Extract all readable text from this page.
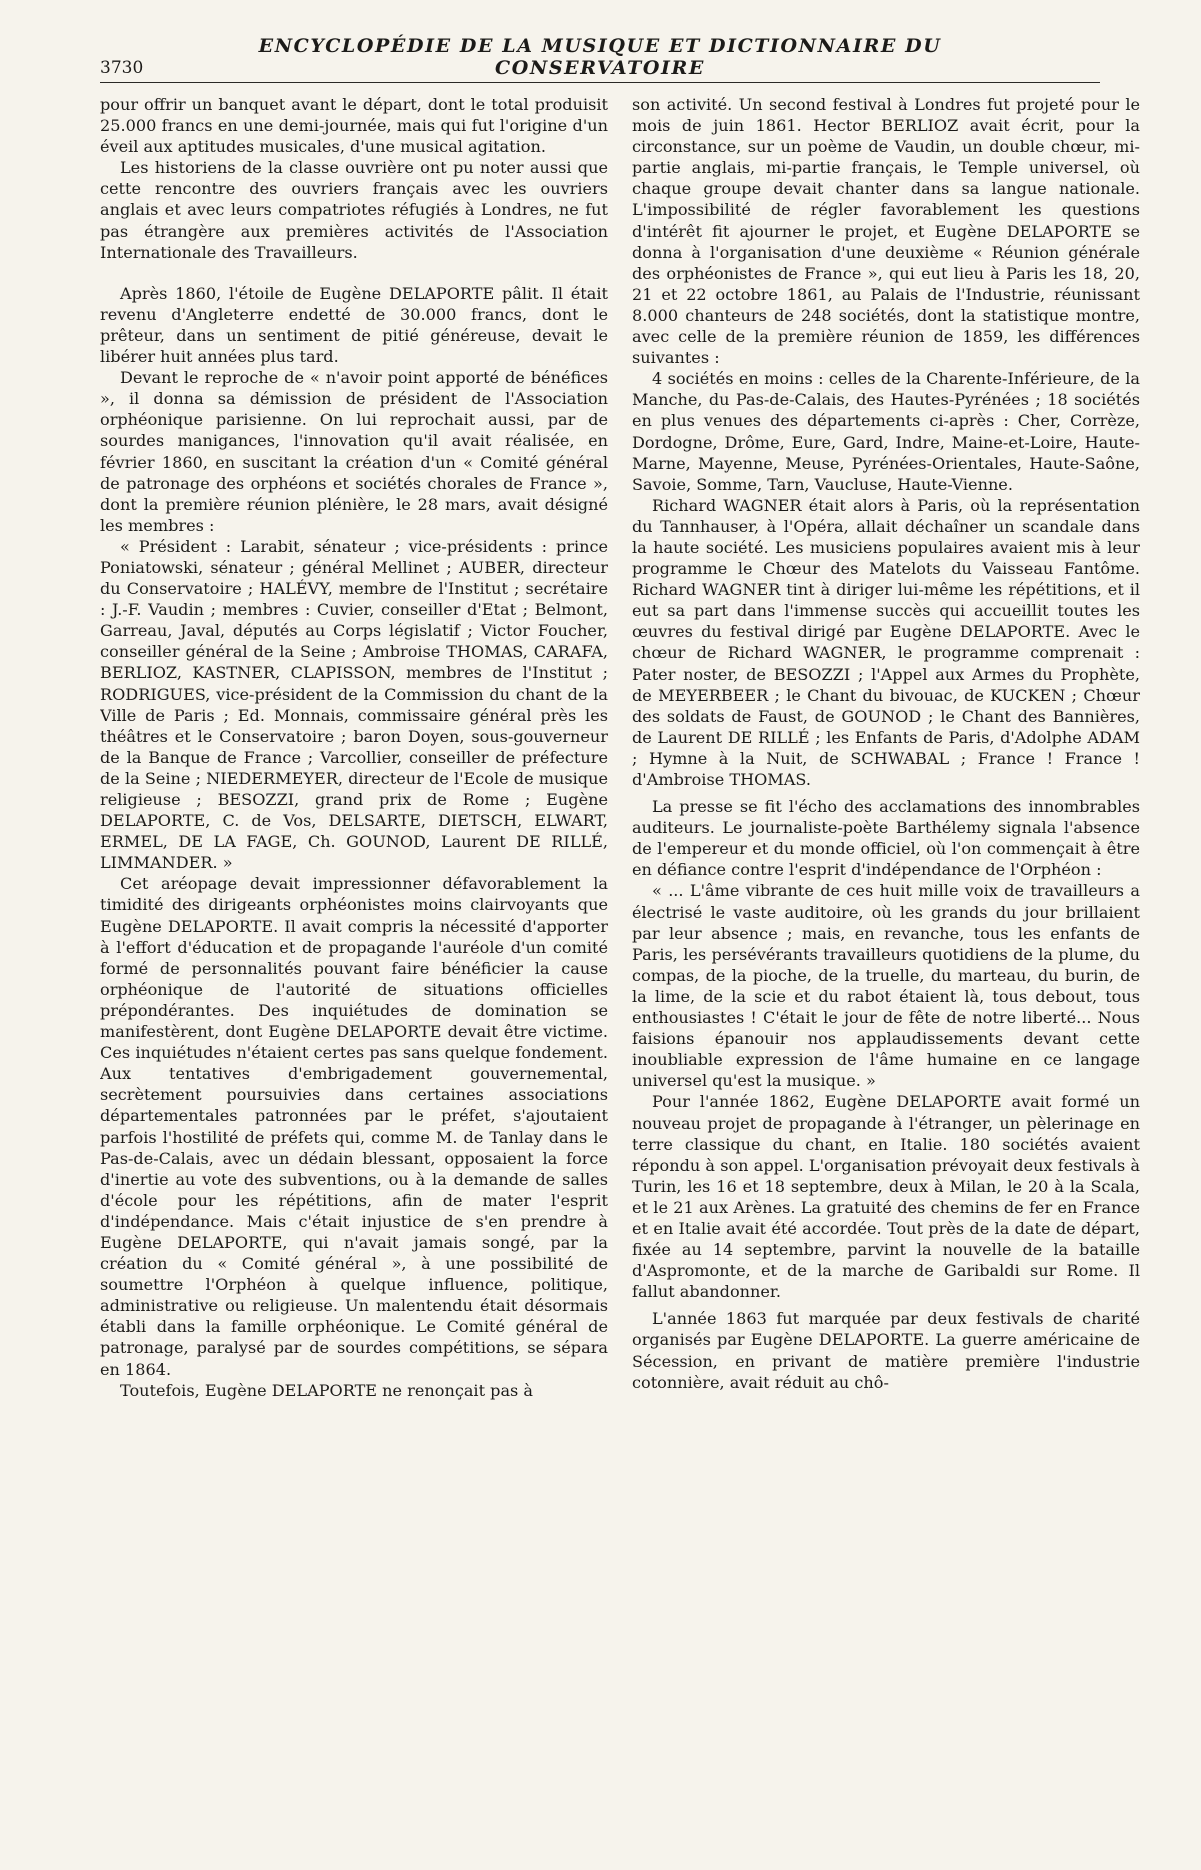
3730
ENCYCLOPÉDIE DE LA MUSIQUE ET DICTIONNAIRE DU CONSERVATOIRE

pour offrir un banquet avant le départ, dont le total produisit 25.000 francs en une demi-journée, mais qui fut l'origine d'un éveil aux aptitudes musicales, d'une musical agitation.

Les historiens de la classe ouvrière ont pu noter aussi que cette rencontre des ouvriers français avec les ouvriers anglais et avec leurs compatriotes réfugiés à Londres, ne fut pas étrangère aux premières activités de l'Association Internationale des Travailleurs.

Après 1860, l'étoile de Eugène DELAPORTE pâlit. Il était revenu d'Angleterre endetté de 30.000 francs, dont le prêteur, dans un sentiment de pitié généreuse, devait le libérer huit années plus tard.

Devant le reproche de « n'avoir point apporté de bénéfices », il donna sa démission de président de l'Association orphéonique parisienne. On lui reprochait aussi, par de sourdes manigances, l'innovation qu'il avait réalisée, en février 1860, en suscitant la création d'un « Comité général de patronage des orphéons et sociétés chorales de France », dont la première réunion plénière, le 28 mars, avait désigné les membres :

« Président : Larabit, sénateur ; vice-présidents : prince Poniatowski, sénateur ; général Mellinet ; AUBER, directeur du Conservatoire ; HALÉVY, membre de l'Institut ; secrétaire : J.-F. Vaudin ; membres : Cuvier, conseiller d'Etat ; Belmont, Garreau, Javal, députés au Corps législatif ; Victor Foucher, conseiller général de la Seine ; Ambroise THOMAS, CARAFA, BERLIOZ, KASTNER, CLAPISSON, membres de l'Institut ; RODRIGUES, vice-président de la Commission du chant de la Ville de Paris ; Ed. Monnais, commissaire général près les théâtres et le Conservatoire ; baron Doyen, sous-gouverneur de la Banque de France ; Varcollier, conseiller de préfecture de la Seine ; NIEDERMEYER, directeur de l'Ecole de musique religieuse ; BESOZZI, grand prix de Rome ; Eugène DELAPORTE, C. de Vos, DELSARTE, DIETSCH, ELWART, ERMEL, DE LA FAGE, Ch. GOUNOD, Laurent DE RILLÉ, LIMMANDER. »

Cet aréopage devait impressionner défavorablement la timidité des dirigeants orphéonistes moins clairvoyants que Eugène DELAPORTE. Il avait compris la nécessité d'apporter à l'effort d'éducation et de propagande l'auréole d'un comité formé de personnalités pouvant faire bénéficier la cause orphéonique de l'autorité de situations officielles prépondérantes. Des inquiétudes de domination se manifestèrent, dont Eugène DELAPORTE devait être victime. Ces inquiétudes n'étaient certes pas sans quelque fondement. Aux tentatives d'embrigadement gouvernemental, secrètement poursuivies dans certaines associations départementales patronnées par le préfet, s'ajoutaient parfois l'hostilité de préfets qui, comme M. de Tanlay dans le Pas-de-Calais, avec un dédain blessant, opposaient la force d'inertie au vote des subventions, ou à la demande de salles d'école pour les répétitions, afin de mater l'esprit d'indépendance. Mais c'était injustice de s'en prendre à Eugène DELAPORTE, qui n'avait jamais songé, par la création du « Comité général », à une possibilité de soumettre l'Orphéon à quelque influence, politique, administrative ou religieuse. Un malentendu était désormais établi dans la famille orphéonique. Le Comité général de patronage, paralysé par de sourdes compétitions, se sépara en 1864.

Toutefois, Eugène DELAPORTE ne renonçait pas à

son activité. Un second festival à Londres fut projeté pour le mois de juin 1861. Hector BERLIOZ avait écrit, pour la circonstance, sur un poème de Vaudin, un double chœur, mi-partie anglais, mi-partie français, le Temple universel, où chaque groupe devait chanter dans sa langue nationale. L'impossibilité de régler favorablement les questions d'intérêt fit ajourner le projet, et Eugène DELAPORTE se donna à l'organisation d'une deuxième « Réunion générale des orphéonistes de France », qui eut lieu à Paris les 18, 20, 21 et 22 octobre 1861, au Palais de l'Industrie, réunissant 8.000 chanteurs de 248 sociétés, dont la statistique montre, avec celle de la première réunion de 1859, les différences suivantes :

4 sociétés en moins : celles de la Charente-Inférieure, de la Manche, du Pas-de-Calais, des Hautes-Pyrénées ; 18 sociétés en plus venues des départements ci-après : Cher, Corrèze, Dordogne, Drôme, Eure, Gard, Indre, Maine-et-Loire, Haute-Marne, Mayenne, Meuse, Pyrénées-Orientales, Haute-Saône, Savoie, Somme, Tarn, Vaucluse, Haute-Vienne.

Richard WAGNER était alors à Paris, où la représentation du Tannhauser, à l'Opéra, allait déchaîner un scandale dans la haute société. Les musiciens populaires avaient mis à leur programme le Chœur des Matelots du Vaisseau Fantôme. Richard WAGNER tint à diriger lui-même les répétitions, et il eut sa part dans l'immense succès qui accueillit toutes les œuvres du festival dirigé par Eugène DELAPORTE. Avec le chœur de Richard WAGNER, le programme comprenait : Pater noster, de BESOZZI ; l'Appel aux Armes du Prophète, de MEYERBEER ; le Chant du bivouac, de KUCKEN ; Chœur des soldats de Faust, de GOUNOD ; le Chant des Bannières, de Laurent DE RILLÉ ; les Enfants de Paris, d'Adolphe ADAM ; Hymne à la Nuit, de SCHWABAL ; France ! France ! d'Ambroise THOMAS.

La presse se fit l'écho des acclamations des innombrables auditeurs. Le journaliste-poète Barthélemy signala l'absence de l'empereur et du monde officiel, où l'on commençait à être en défiance contre l'esprit d'indépendance de l'Orphéon :

« ... L'âme vibrante de ces huit mille voix de travailleurs a électrisé le vaste auditoire, où les grands du jour brillaient par leur absence ; mais, en revanche, tous les enfants de Paris, les persévérants travailleurs quotidiens de la plume, du compas, de la pioche, de la truelle, du marteau, du burin, de la lime, de la scie et du rabot étaient là, tous debout, tous enthousiastes ! C'était le jour de fête de notre liberté... Nous faisions épanouir nos applaudissements devant cette inoubliable expression de l'âme humaine en ce langage universel qu'est la musique. »

Pour l'année 1862, Eugène DELAPORTE avait formé un nouveau projet de propagande à l'étranger, un pèlerinage en terre classique du chant, en Italie. 180 sociétés avaient répondu à son appel. L'organisation prévoyait deux festivals à Turin, les 16 et 18 septembre, deux à Milan, le 20 à la Scala, et le 21 aux Arènes. La gratuité des chemins de fer en France et en Italie avait été accordée. Tout près de la date de départ, fixée au 14 septembre, parvint la nouvelle de la bataille d'Aspromonte, et de la marche de Garibaldi sur Rome. Il fallut abandonner.

L'année 1863 fut marquée par deux festivals de charité organisés par Eugène DELAPORTE. La guerre américaine de Sécession, en privant de matière première l'industrie cotonnière, avait réduit au chô-
